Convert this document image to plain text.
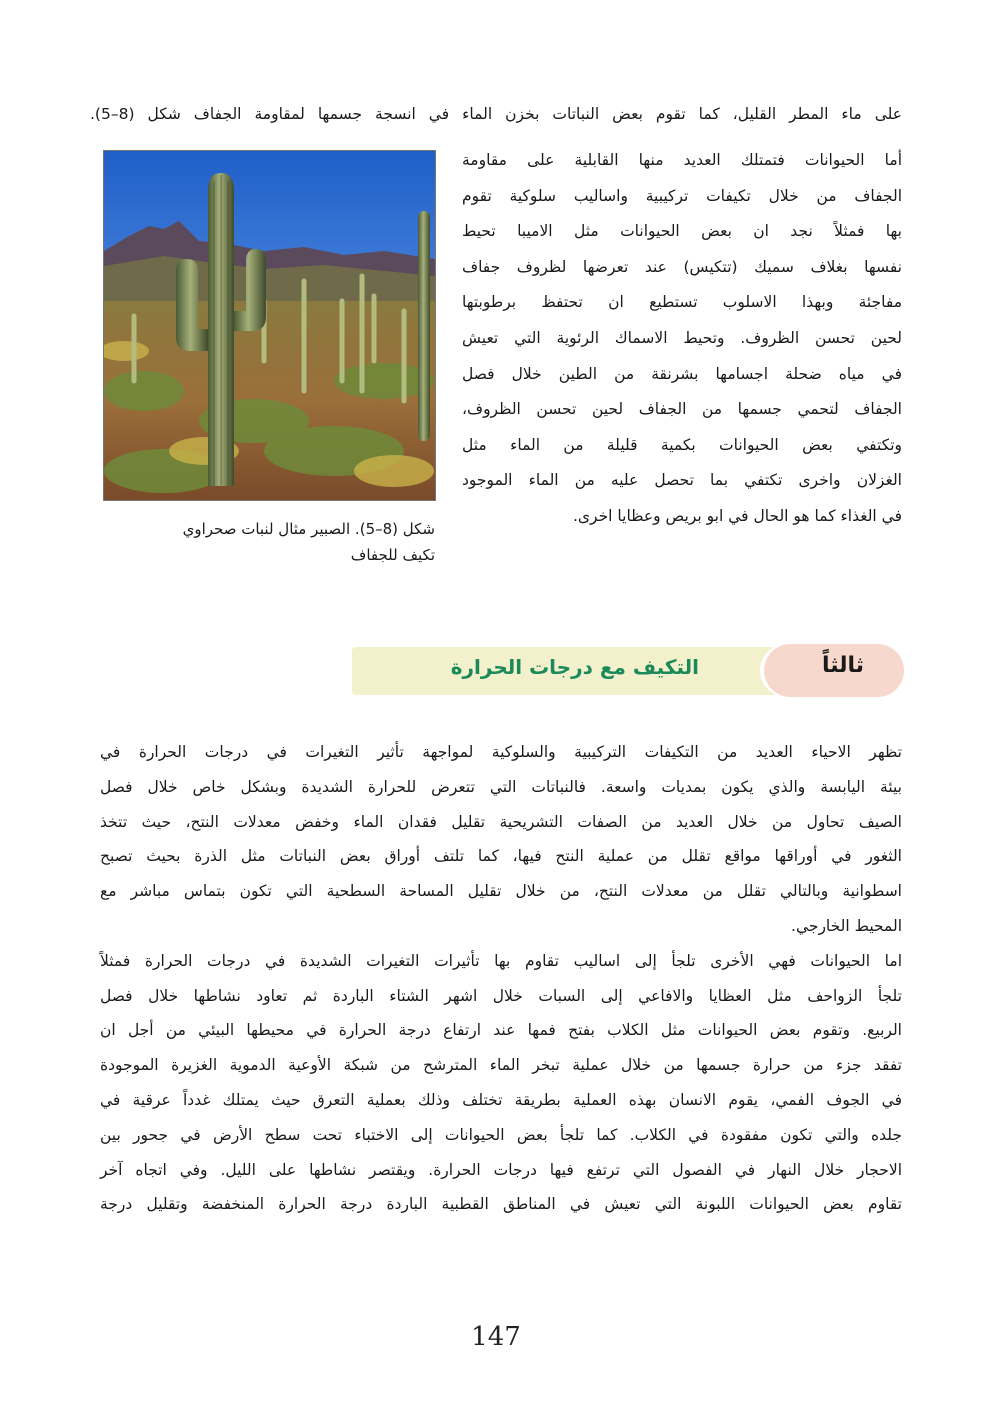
على ماء المطر القليل، كما تقوم بعض النباتات بخزن الماء في انسجة جسمها لمقاومة الجفاف شكل (8–5).

أما الحيوانات فتمتلك العديد منها القابلية على مقاومة

الجفاف من خلال تكيفات تركيبية واساليب سلوكية تقوم

بها فمثلاً نجد ان بعض الحيوانات مثل الاميبا تحيط

نفسها بغلاف سميك (تتكيس) عند تعرضها لظروف جفاف

مفاجئة وبهذا الاسلوب تستطيع ان تحتفظ برطوبتها

لحين تحسن الظروف. وتحيط الاسماك الرئوية التي تعيش

في مياه ضحلة اجسامها بشرنقة من الطين خلال فصل

الجفاف لتحمي جسمها من الجفاف لحين تحسن الظروف،

وتكتفي بعض الحيوانات بكمية قليلة من الماء مثل

الغزلان واخرى تكتفي بما تحصل عليه من الماء الموجود

في الغذاء كما هو الحال في ابو بريص وعظايا اخرى.

شكل (8–5). الصبير مثال لنبات صحراوي
تكيف للجفاف
ثالثاً
التكيف مع درجات الحرارة

تظهر الاحياء العديد من التكيفات التركيبية والسلوكية لمواجهة تأثير التغيرات في درجات الحرارة في

بيئة اليابسة والذي يكون بمديات واسعة. فالنباتات التي تتعرض للحرارة الشديدة وبشكل خاص خلال فصل

الصيف تحاول من خلال العديد من الصفات التشريحية تقليل فقدان الماء وخفض معدلات النتح، حيث تتخذ

الثغور في أوراقها مواقع تقلل من عملية النتح فيها، كما تلتف أوراق بعض النباتات مثل الذرة بحيث تصبح

اسطوانية وبالتالي تقلل من معدلات النتح، من خلال تقليل المساحة السطحية التي تكون بتماس مباشر مع

المحيط الخارجي.

اما الحيوانات فهي الأخرى تلجأ إلى اساليب تقاوم بها تأثيرات التغيرات الشديدة في درجات الحرارة فمثلاً

تلجأ الزواحف مثل العظايا والافاعي إلى السبات خلال اشهر الشتاء الباردة ثم تعاود نشاطها خلال فصل

الربيع. وتقوم بعض الحيوانات مثل الكلاب بفتح فمها عند ارتفاع درجة الحرارة في محيطها البيئي من أجل ان

تفقد جزء من حرارة جسمها من خلال عملية تبخر الماء المترشح من شبكة الأوعية الدموية الغزيرة الموجودة

في الجوف الفمي، يقوم الانسان بهذه العملية بطريقة تختلف وذلك بعملية التعرق حيث يمتلك غدداً عرقية في

جلده والتي تكون مفقودة في الكلاب. كما تلجأ بعض الحيوانات إلى الاختباء تحت سطح الأرض في جحور بين

الاحجار خلال النهار في الفصول التي ترتفع فيها درجات الحرارة. ويقتصر نشاطها على الليل. وفي اتجاه آخر

تقاوم بعض الحيوانات اللبونة التي تعيش في المناطق القطبية الباردة درجة الحرارة المنخفضة وتقليل درجة

147
